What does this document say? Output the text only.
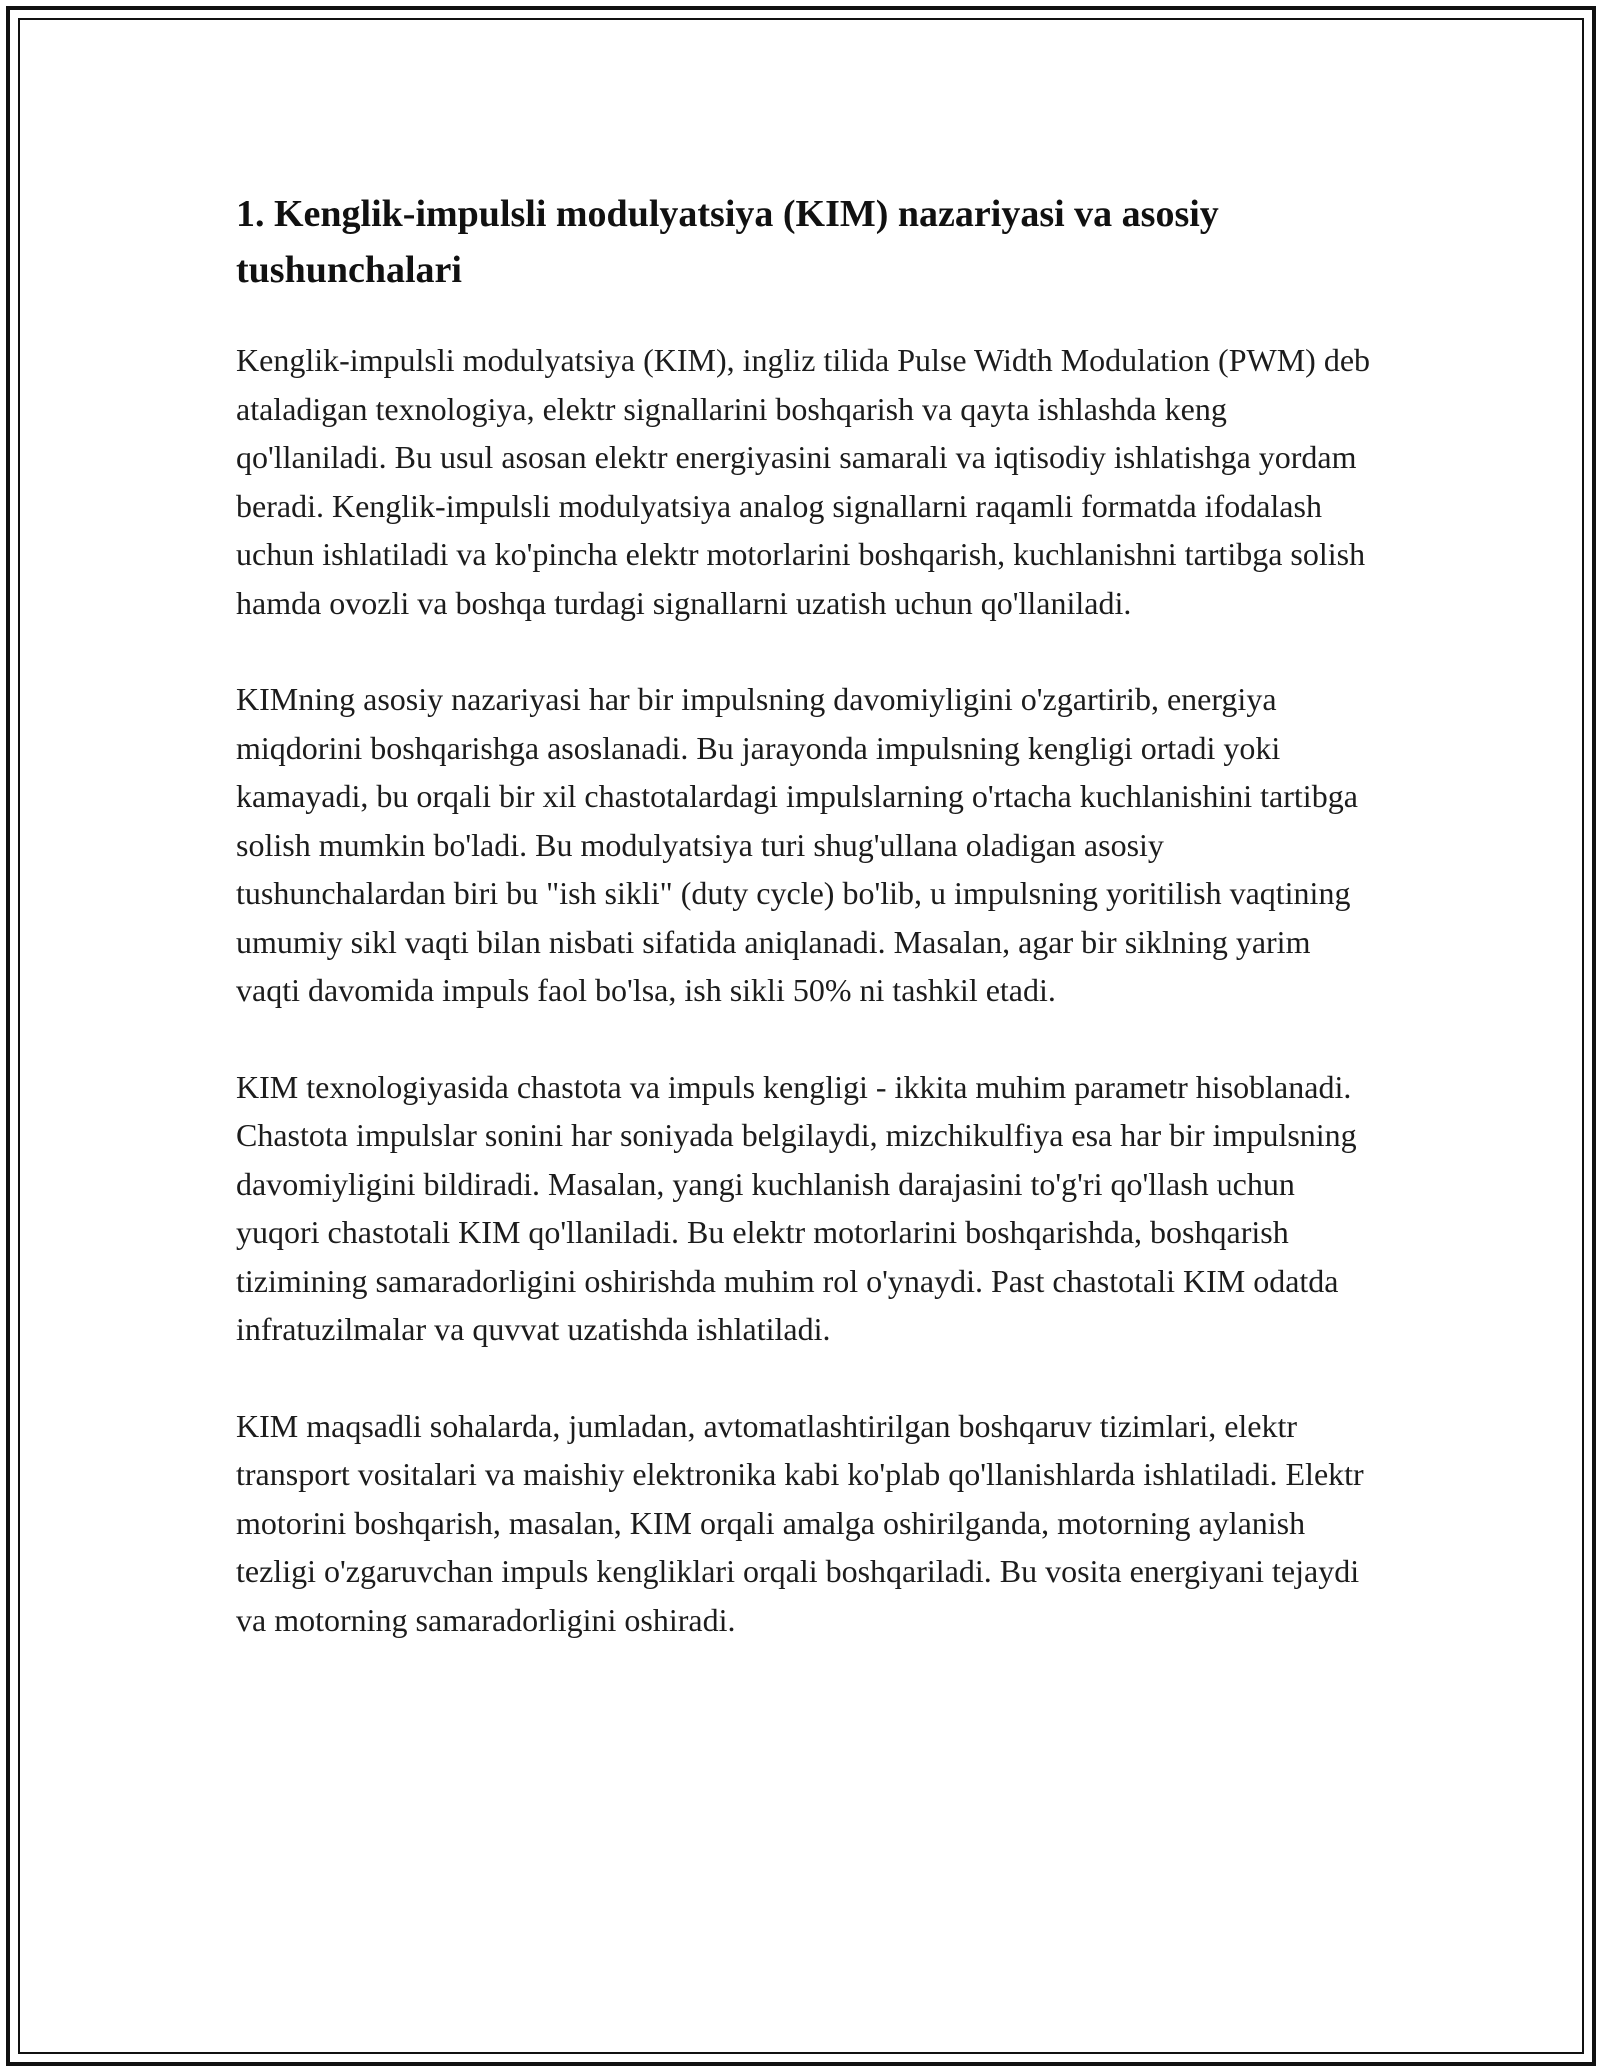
1. Kenglik-impulsli modulyatsiya (KIM) nazariyasi va asosiy tushunchalari

Kenglik-impulsli modulyatsiya (KIM), ingliz tilida Pulse Width Modulation (PWM) deb ataladigan texnologiya, elektr signallarini boshqarish va qayta ishlashda keng qo'llaniladi. Bu usul asosan elektr energiyasini samarali va iqtisodiy ishlatishga yordam beradi. Kenglik-impulsli modulyatsiya analog signallarni raqamli formatda ifodalash uchun ishlatiladi va ko'pincha elektr motorlarini boshqarish, kuchlanishni tartibga solish hamda ovozli va boshqa turdagi signallarni uzatish uchun qo'llaniladi.

KIMning asosiy nazariyasi har bir impulsning davomiyligini o'zgartirib, energiya miqdorini boshqarishga asoslanadi. Bu jarayonda impulsning kengligi ortadi yoki kamayadi, bu orqali bir xil chastotalardagi impulslarning o'rtacha kuchlanishini tartibga solish mumkin bo'ladi. Bu modulyatsiya turi shug'ullana oladigan asosiy tushunchalardan biri bu "ish sikli" (duty cycle) bo'lib, u impulsning yoritilish vaqtining umumiy sikl vaqti bilan nisbati sifatida aniqlanadi. Masalan, agar bir siklning yarim vaqti davomida impuls faol bo'lsa, ish sikli 50% ni tashkil etadi.

KIM texnologiyasida chastota va impuls kengligi - ikkita muhim parametr hisoblanadi. Chastota impulslar sonini har soniyada belgilaydi, mizchikulfiya esa har bir impulsning davomiyligini bildiradi. Masalan, yangi kuchlanish darajasini to'g'ri qo'llash uchun yuqori chastotali KIM qo'llaniladi. Bu elektr motorlarini boshqarishda, boshqarish tizimining samaradorligini oshirishda muhim rol o'ynaydi. Past chastotali KIM odatda infratuzilmalar va quvvat uzatishda ishlatiladi.

KIM maqsadli sohalarda, jumladan, avtomatlashtirilgan boshqaruv tizimlari, elektr transport vositalari va maishiy elektronika kabi ko'plab qo'llanishlarda ishlatiladi. Elektr motorini boshqarish, masalan, KIM orqali amalga oshirilganda, motorning aylanish tezligi o'zgaruvchan impuls kengliklari orqali boshqariladi. Bu vosita energiyani tejaydi va motorning samaradorligini oshiradi.
